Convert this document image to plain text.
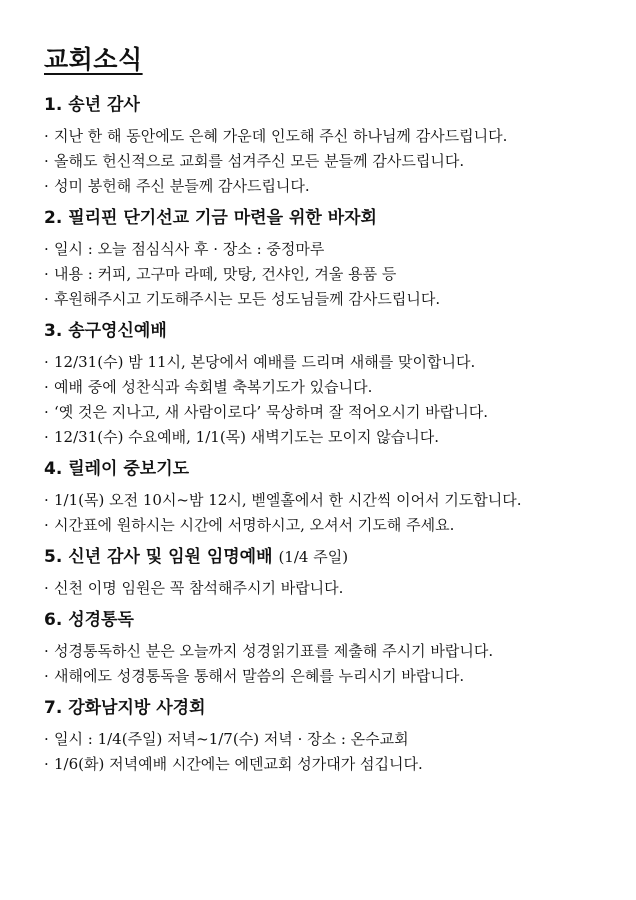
교회소식
1. 송년 감사
· 지난 한 해 동안에도 은혜 가운데 인도해 주신 하나님께 감사드립니다.
· 올해도 헌신적으로 교회를 섬겨주신 모든 분들께 감사드립니다.
· 성미 봉헌해 주신 분들께 감사드립니다.
2. 필리핀 단기선교 기금 마련을 위한 바자회
· 일시 : 오늘 점심식사 후 · 장소 : 중정마루
· 내용 : 커피, 고구마 라떼, 맛탕, 건샤인, 겨울 용품 등
· 후원해주시고 기도해주시는 모든 성도님들께 감사드립니다.
3. 송구영신예배
· 12/31(수) 밤 11시, 본당에서 예배를 드리며 새해를 맞이합니다.
· 예배 중에 성찬식과 속회별 축복기도가 있습니다.
· ‘옛 것은 지나고, 새 사람이로다’ 묵상하며 잘 적어오시기 바랍니다.
· 12/31(수) 수요예배, 1/1(목) 새벽기도는 모이지 않습니다.
4. 릴레이 중보기도
· 1/1(목) 오전 10시~밤 12시, 벧엘홀에서 한 시간씩 이어서 기도합니다.
· 시간표에 원하시는 시간에 서명하시고, 오셔서 기도해 주세요.
5. 신년 감사 및 임원 임명예배 (1/4 주일)
· 신천 이명 임원은 꼭 참석해주시기 바랍니다.
6. 성경통독
· 성경통독하신 분은 오늘까지 성경읽기표를 제출해 주시기 바랍니다.
· 새해에도 성경통독을 통해서 말씀의 은혜를 누리시기 바랍니다.
7. 강화남지방 사경회
· 일시 : 1/4(주일) 저녁~1/7(수) 저녁 · 장소 : 온수교회
· 1/6(화) 저녁예배 시간에는 에덴교회 성가대가 섬깁니다.
